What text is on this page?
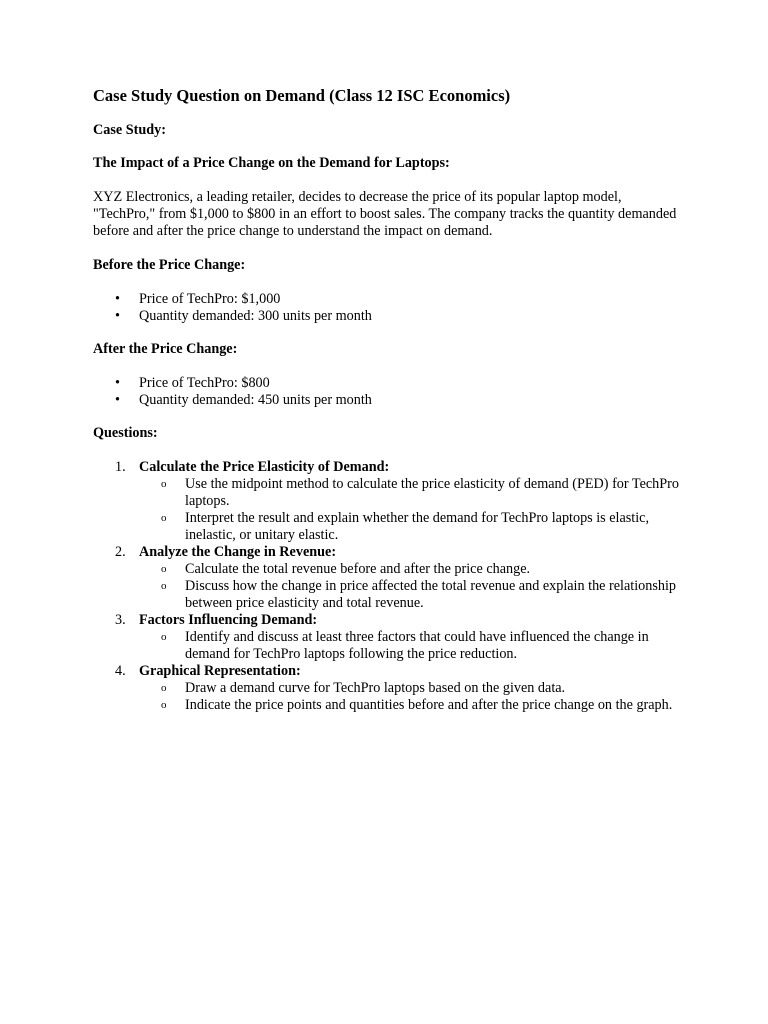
Case Study Question on Demand (Class 12 ISC Economics)

Case Study:

The Impact of a Price Change on the Demand for Laptops:

XYZ Electronics, a leading retailer, decides to decrease the price of its popular laptop model, "TechPro," from $1,000 to $800 in an effort to boost sales. The company tracks the quantity demanded before and after the price change to understand the impact on demand.

Before the Price Change:

• Price of TechPro: $1,000
• Quantity demanded: 300 units per month

After the Price Change:

• Price of TechPro: $800
• Quantity demanded: 450 units per month

Questions:

1. Calculate the Price Elasticity of Demand:
o Use the midpoint method to calculate the price elasticity of demand (PED) for TechPro laptops.
o Interpret the result and explain whether the demand for TechPro laptops is elastic, inelastic, or unitary elastic.
2. Analyze the Change in Revenue:
o Calculate the total revenue before and after the price change.
o Discuss how the change in price affected the total revenue and explain the relationship between price elasticity and total revenue.
3. Factors Influencing Demand:
o Identify and discuss at least three factors that could have influenced the change in demand for TechPro laptops following the price reduction.
4. Graphical Representation:
o Draw a demand curve for TechPro laptops based on the given data.
o Indicate the price points and quantities before and after the price change on the graph.
